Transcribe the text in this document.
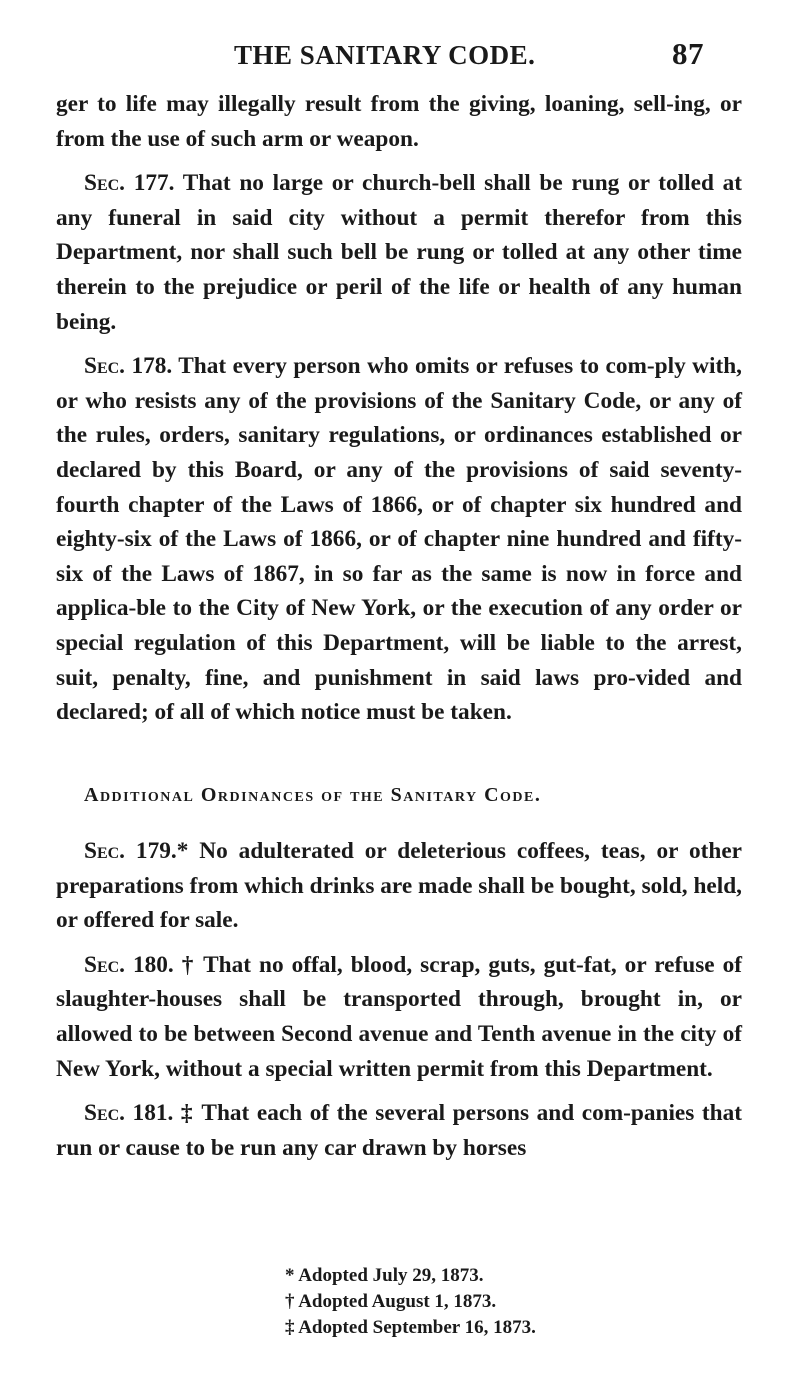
THE SANITARY CODE.	87

ger to life may illegally result from the giving, loaning, sell-ing, or from the use of such arm or weapon.

Sec. 177. That no large or church-bell shall be rung or tolled at any funeral in said city without a permit therefor from this Department, nor shall such bell be rung or tolled at any other time therein to the prejudice or peril of the life or health of any human being.

Sec. 178. That every person who omits or refuses to com-ply with, or who resists any of the provisions of the Sanitary Code, or any of the rules, orders, sanitary regulations, or ordinances established or declared by this Board, or any of the provisions of said seventy-fourth chapter of the Laws of 1866, or of chapter six hundred and eighty-six of the Laws of 1866, or of chapter nine hundred and fifty-six of the Laws of 1867, in so far as the same is now in force and applica-ble to the City of New York, or the execution of any order or special regulation of this Department, will be liable to the arrest, suit, penalty, fine, and punishment in said laws pro-vided and declared; of all of which notice must be taken.

Additional Ordinances of the Sanitary Code.

Sec. 179.* No adulterated or deleterious coffees, teas, or other preparations from which drinks are made shall be bought, sold, held, or offered for sale.

Sec. 180. † That no offal, blood, scrap, guts, gut-fat, or refuse of slaughter-houses shall be transported through, brought in, or allowed to be between Second avenue and Tenth avenue in the city of New York, without a special written permit from this Department.

Sec. 181. ‡ That each of the several persons and com-panies that run or cause to be run any car drawn by horses

* Adopted July 29, 1873.

† Adopted August 1, 1873.

‡ Adopted September 16, 1873.
